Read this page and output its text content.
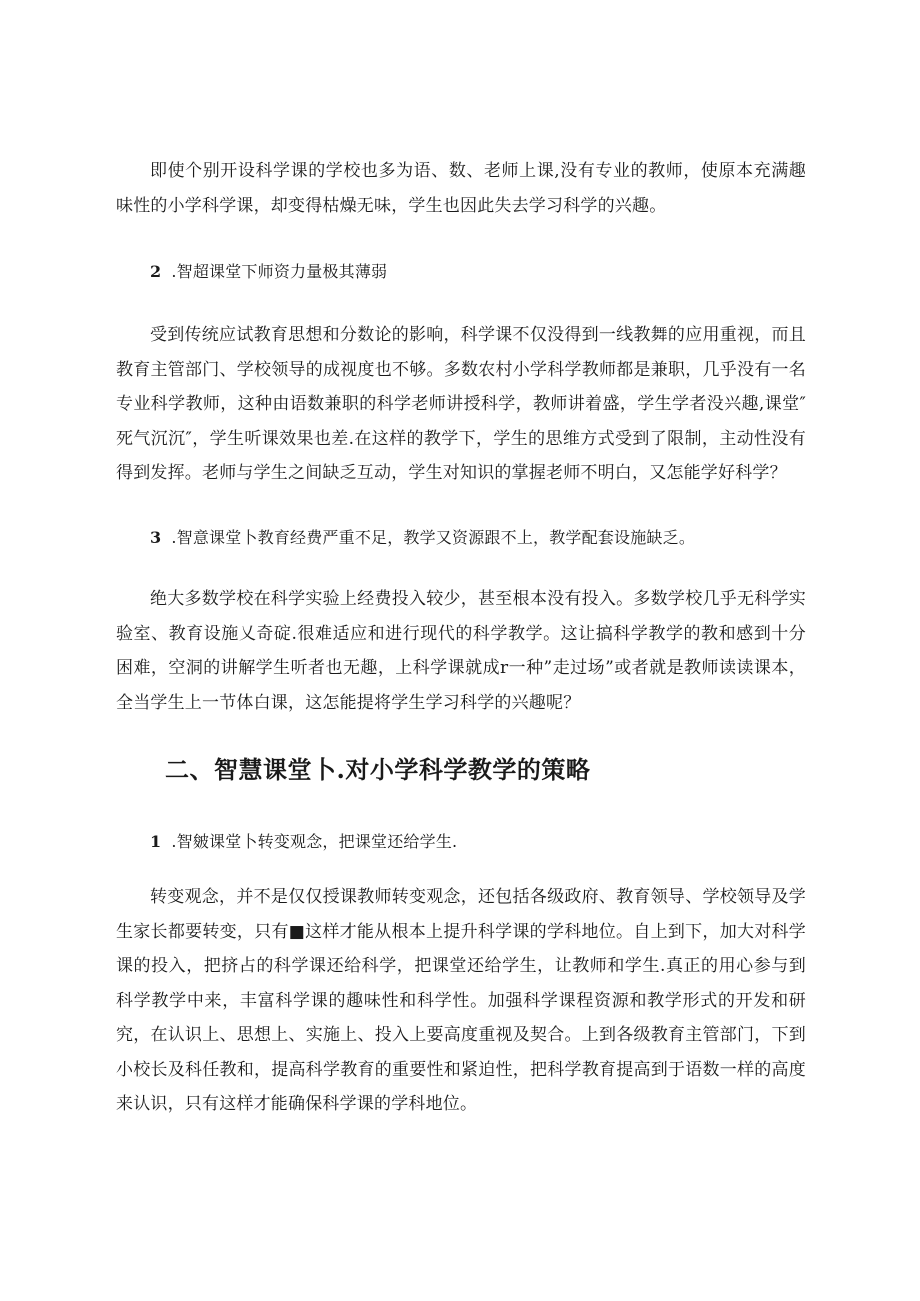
即使个别开设科学课的学校也多为语、数、老师上课,没有专业的教师，使原本充满趣味性的小学科学课，却变得枯燥无味，学生也因此失去学习科学的兴趣。

2 .智超课堂下师资力量极其薄弱

受到传统应试教育思想和分数论的影响，科学课不仅没得到一线教舞的应用重视，而且教育主管部门、学校领导的成视度也不够。多数农村小学科学教师都是兼职，几乎没有一名专业科学教师，这种由语数兼职的科学老师讲授科学，教师讲着盛，学生学者没兴趣,课堂″死气沉沉″，学生听课效果也差.在这样的教学下，学生的思维方式受到了限制，主动性没有得到发挥。老师与学生之间缺乏互动，学生对知识的掌握老师不明白，又怎能学好科学？

3 .智意课堂卜教育经费严重不足，教学又资源跟不上，教学配套设施缺乏。

绝大多数学校在科学实验上经费投入较少，甚至根本没有投入。多数学校几乎无科学实验室、教育设施乂奇碇.很难适应和进行现代的科学教学。这让搞科学教学的教和感到十分困难，空洞的讲解学生听者也无趣，上科学课就成r一种”走过场”或者就是教师读读课本，全当学生上一节体白课，这怎能提将学生学习科学的兴趣呢？

二、智慧课堂卜.对小学科学教学的策略

1 .智皴课堂卜转变观念，把课堂还给学生.

转变观念，并不是仅仅授课教师转变观念，还包括各级政府、教育领导、学校领导及学生家长都要转变，只有■这样才能从根本上提升科学课的学科地位。自上到下，加大对科学课的投入，把挤占的科学课还给科学，把课堂还给学生，让教师和学生.真正的用心参与到科学教学中来，丰富科学课的趣味性和科学性。加强科学课程资源和教学形式的开发和研究，在认识上、思想上、实施上、投入上要高度重视及契合。上到各级教育主管部门，下到小校长及科任教和，提高科学教育的重要性和紧迫性，把科学教育提高到于语数一样的高度来认识，只有这样才能确保科学课的学科地位。
